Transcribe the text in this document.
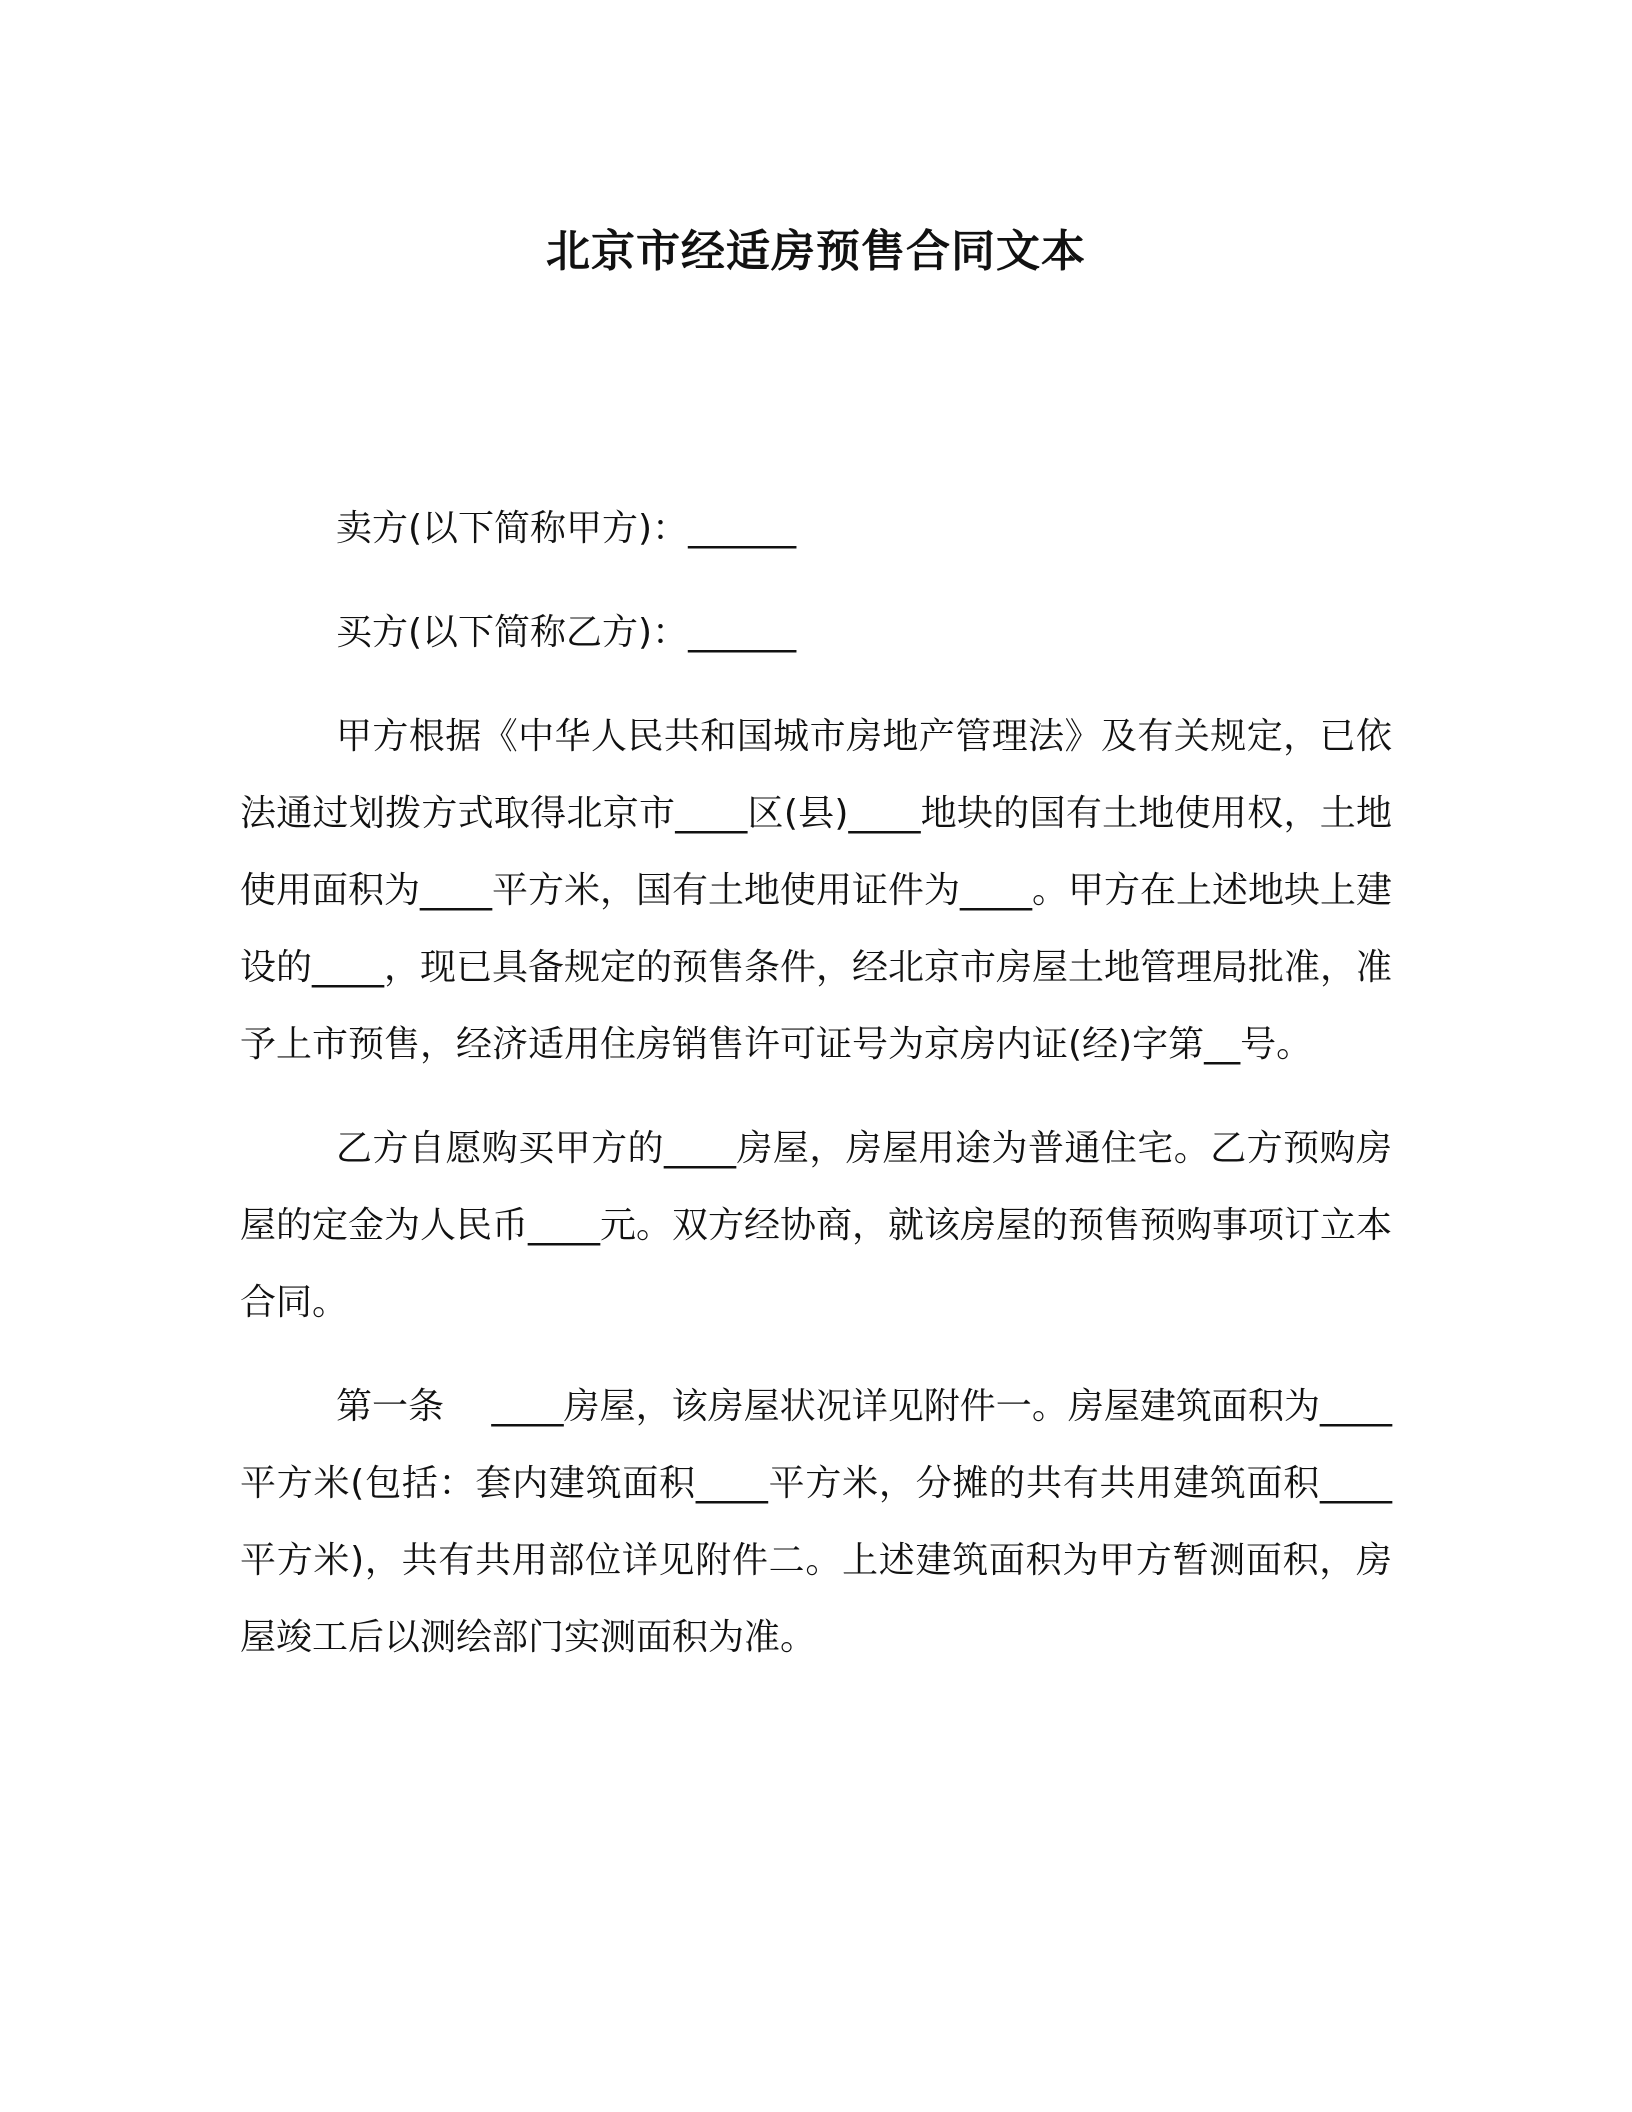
北京市经适房预售合同文本
卖方(以下简称甲方)：______
买方(以下简称乙方)：______

甲方根据《中华人民共和国城市房地产管理法》及有关规定，已依法通过划拨方式取得北京市____区(县)____地块的国有土地使用权，土地使用面积为____平方米，国有土地使用证件为____。甲方在上述地块上建设的____，现已具备规定的预售条件，经北京市房屋土地管理局批准，准予上市预售，经济适用住房销售许可证号为京房内证(经)字第__号。

乙方自愿购买甲方的____房屋，房屋用途为普通住宅。乙方预购房屋的定金为人民币____元。双方经协商，就该房屋的预售预购事项订立本合同。

第一条　 ____房屋，该房屋状况详见附件一。房屋建筑面积为____平方米(包括：套内建筑面积____平方米，分摊的共有共用建筑面积____平方米)，共有共用部位详见附件二。上述建筑面积为甲方暂测面积，房屋竣工后以测绘部门实测面积为准。
